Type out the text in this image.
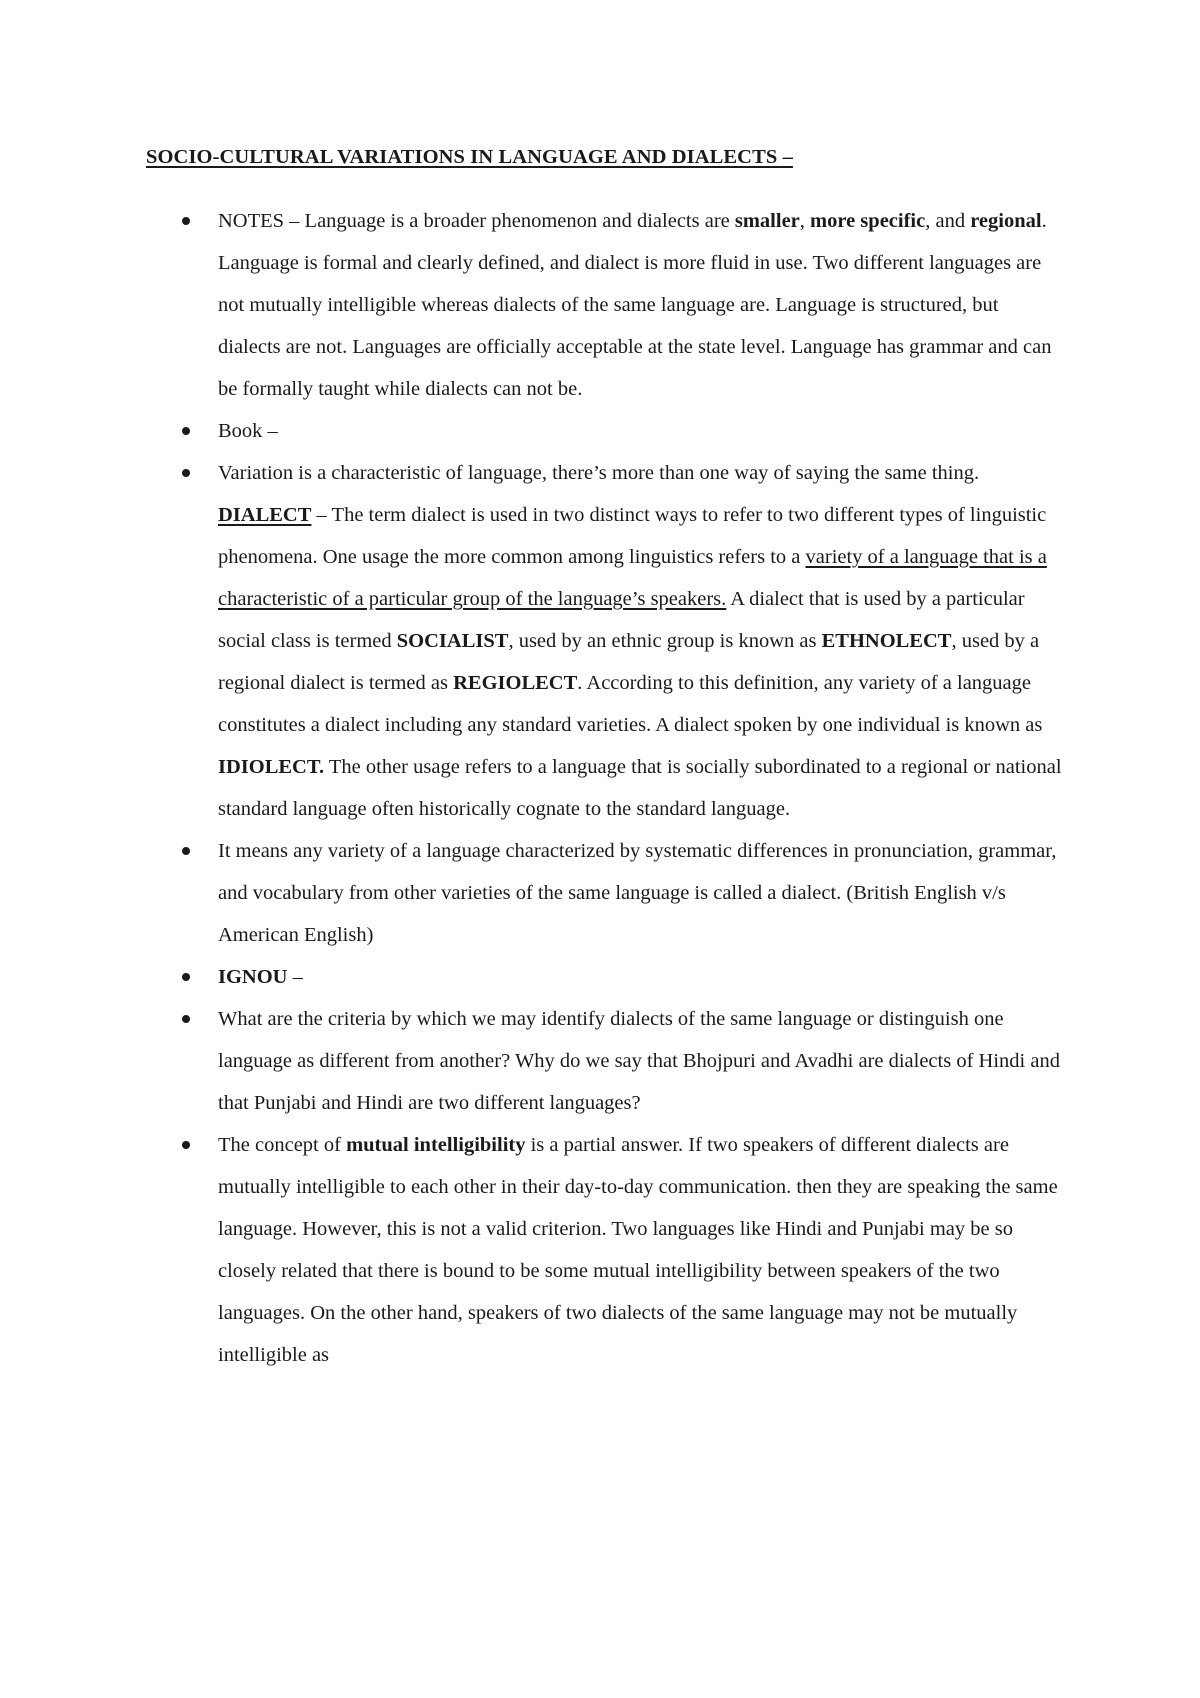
SOCIO-CULTURAL VARIATIONS IN LANGUAGE AND DIALECTS –
NOTES – Language is a broader phenomenon and dialects are smaller, more specific, and regional. Language is formal and clearly defined, and dialect is more fluid in use. Two different languages are not mutually intelligible whereas dialects of the same language are. Language is structured, but dialects are not. Languages are officially acceptable at the state level. Language has grammar and can be formally taught while dialects can not be.
Book –
Variation is a characteristic of language, there’s more than one way of saying the same thing. DIALECT – The term dialect is used in two distinct ways to refer to two different types of linguistic phenomena. One usage the more common among linguistics refers to a variety of a language that is a characteristic of a particular group of the language’s speakers. A dialect that is used by a particular social class is termed SOCIALIST, used by an ethnic group is known as ETHNOLECT, used by a regional dialect is termed as REGIOLECT. According to this definition, any variety of a language constitutes a dialect including any standard varieties. A dialect spoken by one individual is known as IDIOLECT. The other usage refers to a language that is socially subordinated to a regional or national standard language often historically cognate to the standard language.
It means any variety of a language characterized by systematic differences in pronunciation, grammar, and vocabulary from other varieties of the same language is called a dialect. (British English v/s American English)
IGNOU –
What are the criteria by which we may identify dialects of the same language or distinguish one language as different from another? Why do we say that Bhojpuri and Avadhi are dialects of Hindi and that Punjabi and Hindi are two different languages?
The concept of mutual intelligibility is a partial answer. If two speakers of different dialects are mutually intelligible to each other in their day-to-day communication. then they are speaking the same language. However, this is not a valid criterion. Two languages like Hindi and Punjabi may be so closely related that there is bound to be some mutual intelligibility between speakers of the two languages. On the other hand, speakers of two dialects of the same language may not be mutually intelligible as
